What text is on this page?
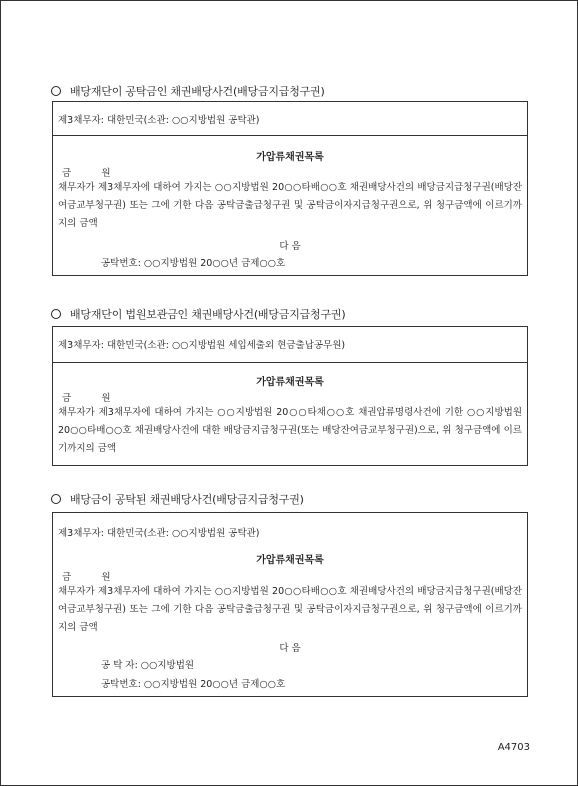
배당재단이 공탁금인 채권배당사건(배당금지급청구권)
제3채무자: 대한민국(소관: ○○지방법원 공탁관)
가압류채권목록
금          원
채무자가 제3채무자에 대하여 가지는 ○○지방법원 20○○타배○○호 채권배당사건의 배당금지급청구권(배당잔여금교부청구권) 또는 그에 기한 다음 공탁금출급청구권 및 공탁금이자지급청구권으로, 위 청구금액에 이르기까지의 금액
다 음
공탁번호: ○○지방법원 20○○년 금제○○호
배당재단이 법원보관금인 채권배당사건(배당금지급청구권)
제3채무자: 대한민국(소관: ○○지방법원 세입세출외 현금출납공무원)
가압류채권목록
금          원
채무자가 제3채무자에 대하여 가지는 ○○지방법원 20○○타채○○호 채권압류명령사건에 기한 ○○지방법원 20○○타배○○호 채권배당사건에 대한 배당금지급청구권(또는 배당잔여금교부청구권)으로, 위 청구금액에 이르기까지의 금액
배당금이 공탁된 채권배당사건(배당금지급청구권)
제3채무자: 대한민국(소관: ○○지방법원 공탁관)
가압류채권목록
금          원
채무자가 제3채무자에 대하여 가지는 ○○지방법원 20○○타배○○호 채권배당사건의 배당금지급청구권(배당잔여금교부청구권) 또는 그에 기한 다음 공탁금출급청구권 및 공탁금이자지급청구권으로, 위 청구금액에 이르기까지의 금액
다 음
공 탁 자: ○○지방법원
공탁번호: ○○지방법원 20○○년 금제○○호
A4703
